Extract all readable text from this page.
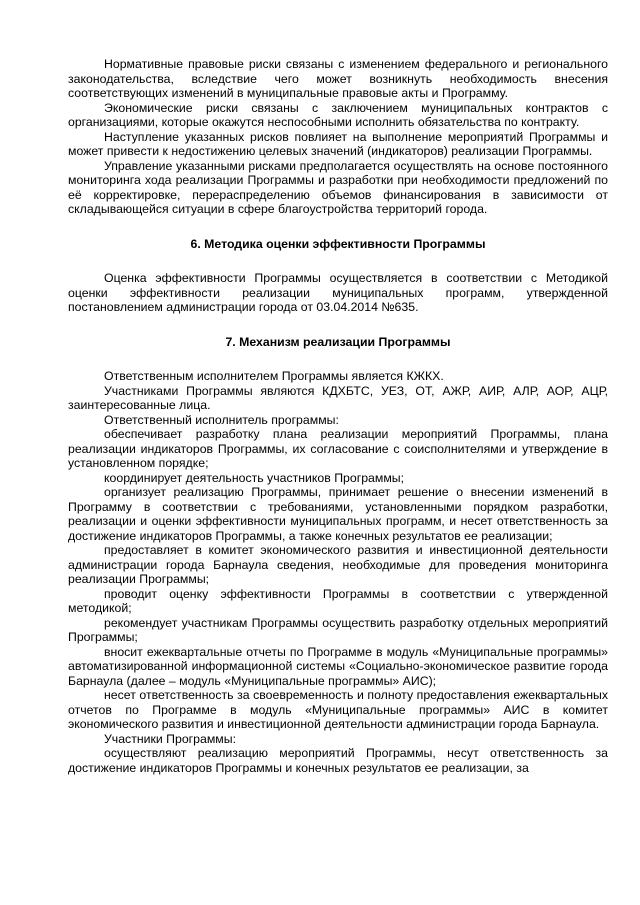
Нормативные правовые риски связаны с изменением федерального и регионального законодательства, вследствие чего может возникнуть необходимость внесения соответствующих изменений в муниципальные правовые акты и Программу.

Экономические риски связаны с заключением муниципальных контрактов с организациями, которые окажутся неспособными исполнить обязательства по контракту.

Наступление указанных рисков повлияет на выполнение мероприятий Программы и может привести к недостижению целевых значений (индикаторов) реализации Программы.

Управление указанными рисками предполагается осуществлять на основе постоянного мониторинга хода реализации Программы и разработки при необходимости предложений по её корректировке, перераспределению объемов финансирования в зависимости от складывающейся ситуации в сфере благоустройства территорий города.

6. Методика оценки эффективности Программы

Оценка эффективности Программы осуществляется в соответствии с Методикой оценки эффективности реализации муниципальных программ, утвержденной постановлением администрации города от 03.04.2014 №635.

7. Механизм реализации Программы

Ответственным исполнителем Программы является КЖКХ.

Участниками Программы являются КДХБТС, УЕЗ, ОТ, АЖР, АИР, АЛР, АОР, АЦР, заинтересованные лица.

Ответственный исполнитель программы:

обеспечивает разработку плана реализации мероприятий Программы, плана реализации индикаторов Программы, их согласование с соисполнителями и утверждение в установленном порядке;

координирует деятельность участников Программы;

организует реализацию Программы, принимает решение о внесении изменений в Программу в соответствии с требованиями, установленными порядком разработки, реализации и оценки эффективности муниципальных программ, и несет ответственность за достижение индикаторов Программы, а также конечных результатов ее реализации;

предоставляет в комитет экономического развития и инвестиционной деятельности администрации города Барнаула сведения, необходимые для проведения мониторинга реализации Программы;

проводит оценку эффективности Программы в соответствии с утвержденной методикой;

рекомендует участникам Программы осуществить разработку отдельных мероприятий Программы;

вносит ежеквартальные отчеты по Программе в модуль «Муниципальные программы» автоматизированной информационной системы «Социально-экономическое развитие города Барнаула (далее – модуль «Муниципальные программы» АИС);

несет ответственность за своевременность и полноту предоставления ежеквартальных отчетов по Программе в модуль «Муниципальные программы» АИС в комитет экономического развития и инвестиционной деятельности администрации города Барнаула.

Участники Программы:

осуществляют реализацию мероприятий Программы, несут ответственность за достижение индикаторов Программы и конечных результатов ее реализации, за
